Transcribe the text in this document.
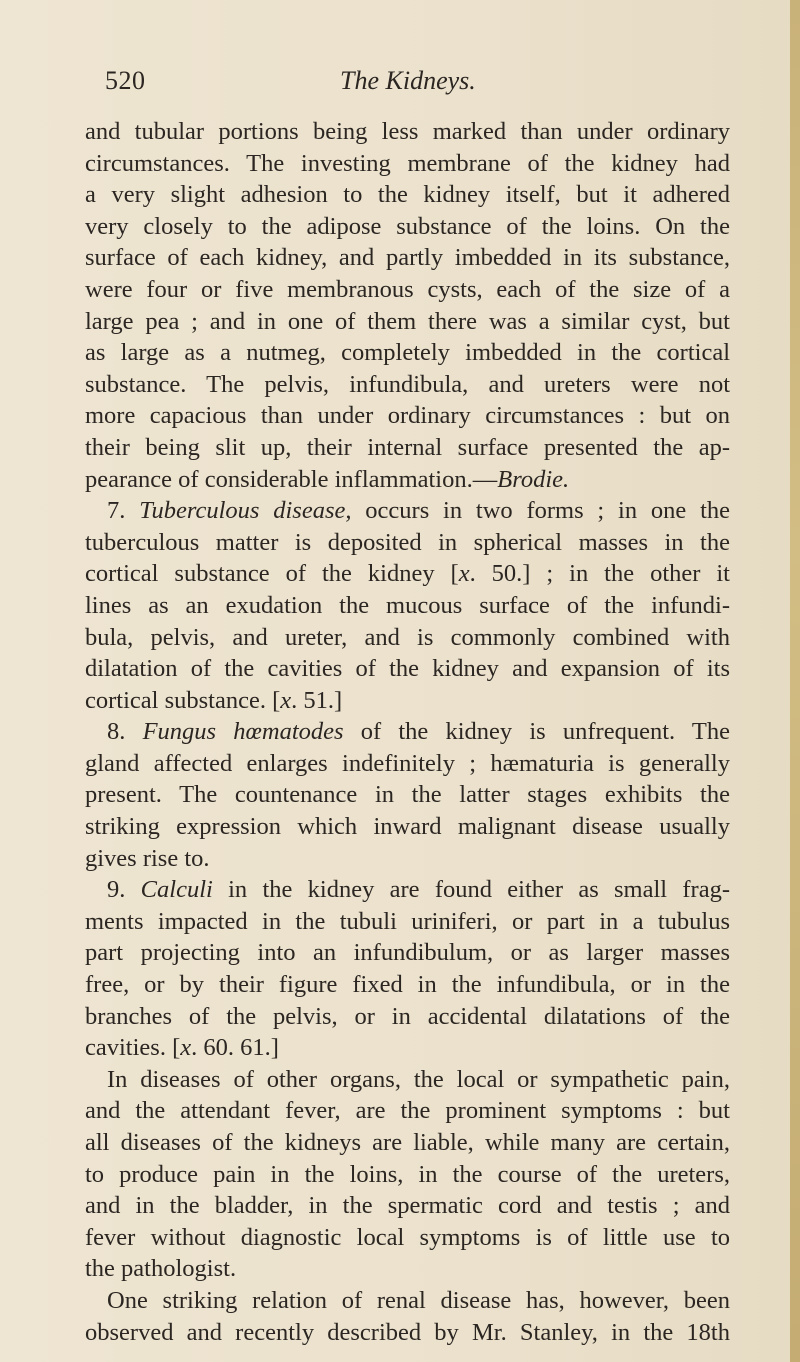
520	The Kidneys.
and tubular portions being less marked than under ordinary
circumstances. The investing membrane of the kidney had
a very slight adhesion to the kidney itself, but it adhered
very closely to the adipose substance of the loins. On the
surface of each kidney, and partly imbedded in its substance,
were four or five membranous cysts, each of the size of a
large pea ; and in one of them there was a similar cyst, but
as large as a nutmeg, completely imbedded in the cortical
substance. The pelvis, infundibula, and ureters were not
more capacious than under ordinary circumstances : but on
their being slit up, their internal surface presented the ap-
pearance of considerable inflammation.—Brodie.
7. Tuberculous disease, occurs in two forms ; in one the
tuberculous matter is deposited in spherical masses in the
cortical substance of the kidney [x. 50.] ; in the other it
lines as an exudation the mucous surface of the infundi-
bula, pelvis, and ureter, and is commonly combined with
dilatation of the cavities of the kidney and expansion of its
cortical substance. [x. 51.]
8. Fungus hœmatodes of the kidney is unfrequent. The
gland affected enlarges indefinitely ; hæmaturia is generally
present. The countenance in the latter stages exhibits the
striking expression which inward malignant disease usually
gives rise to.
9. Calculi in the kidney are found either as small frag-
ments impacted in the tubuli uriniferi, or part in a tubulus
part projecting into an infundibulum, or as larger masses
free, or by their figure fixed in the infundibula, or in the
branches of the pelvis, or in accidental dilatations of the
cavities. [x. 60. 61.]
In diseases of other organs, the local or sympathetic pain,
and the attendant fever, are the prominent symptoms : but
all diseases of the kidneys are liable, while many are certain,
to produce pain in the loins, in the course of the ureters,
and in the bladder, in the spermatic cord and testis ; and
fever without diagnostic local symptoms is of little use to
the pathologist.
One striking relation of renal disease has, however, been
observed and recently described by Mr. Stanley, in the 18th
